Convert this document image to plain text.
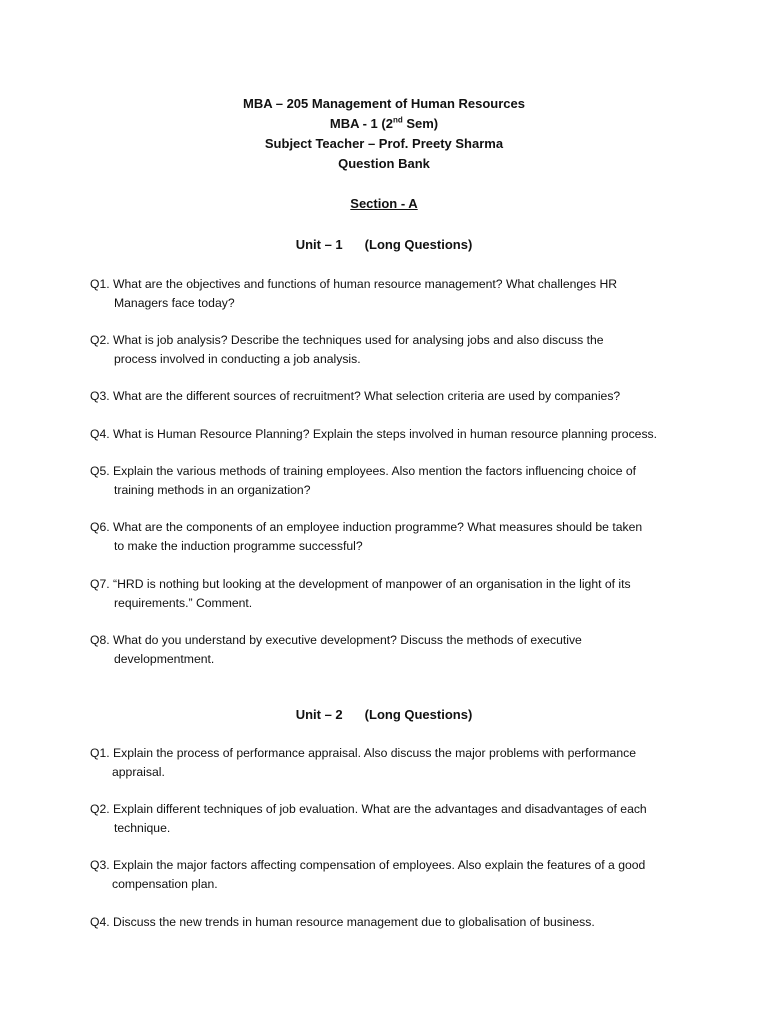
MBA – 205 Management of Human Resources
MBA - 1 (2nd Sem)
Subject Teacher – Prof. Preety Sharma
Question Bank
Section - A
Unit – 1 (Long Questions)
Q1. What are the objectives and functions of human resource management? What challenges HR
Managers face today?
Q2. What is job analysis? Describe the techniques used for analysing jobs and also discuss the
process involved in conducting a job analysis.
Q3. What are the different sources of recruitment? What selection criteria are used by companies?
Q4. What is Human Resource Planning? Explain the steps involved in human resource planning process.
Q5. Explain the various methods of training employees. Also mention the factors influencing choice of
training methods in an organization?
Q6. What are the components of an employee induction programme? What measures should be taken
to make the induction programme successful?
Q7. “HRD is nothing but looking at the development of manpower of an organisation in the light of its
requirements.” Comment.
Q8. What do you understand by executive development? Discuss the methods of executive
developmentment.
Unit – 2 (Long Questions)
Q1. Explain the process of performance appraisal. Also discuss the major problems with performance
appraisal.
Q2. Explain different techniques of job evaluation. What are the advantages and disadvantages of each
technique.
Q3. Explain the major factors affecting compensation of employees. Also explain the features of a good
compensation plan.
Q4. Discuss the new trends in human resource management due to globalisation of business.
